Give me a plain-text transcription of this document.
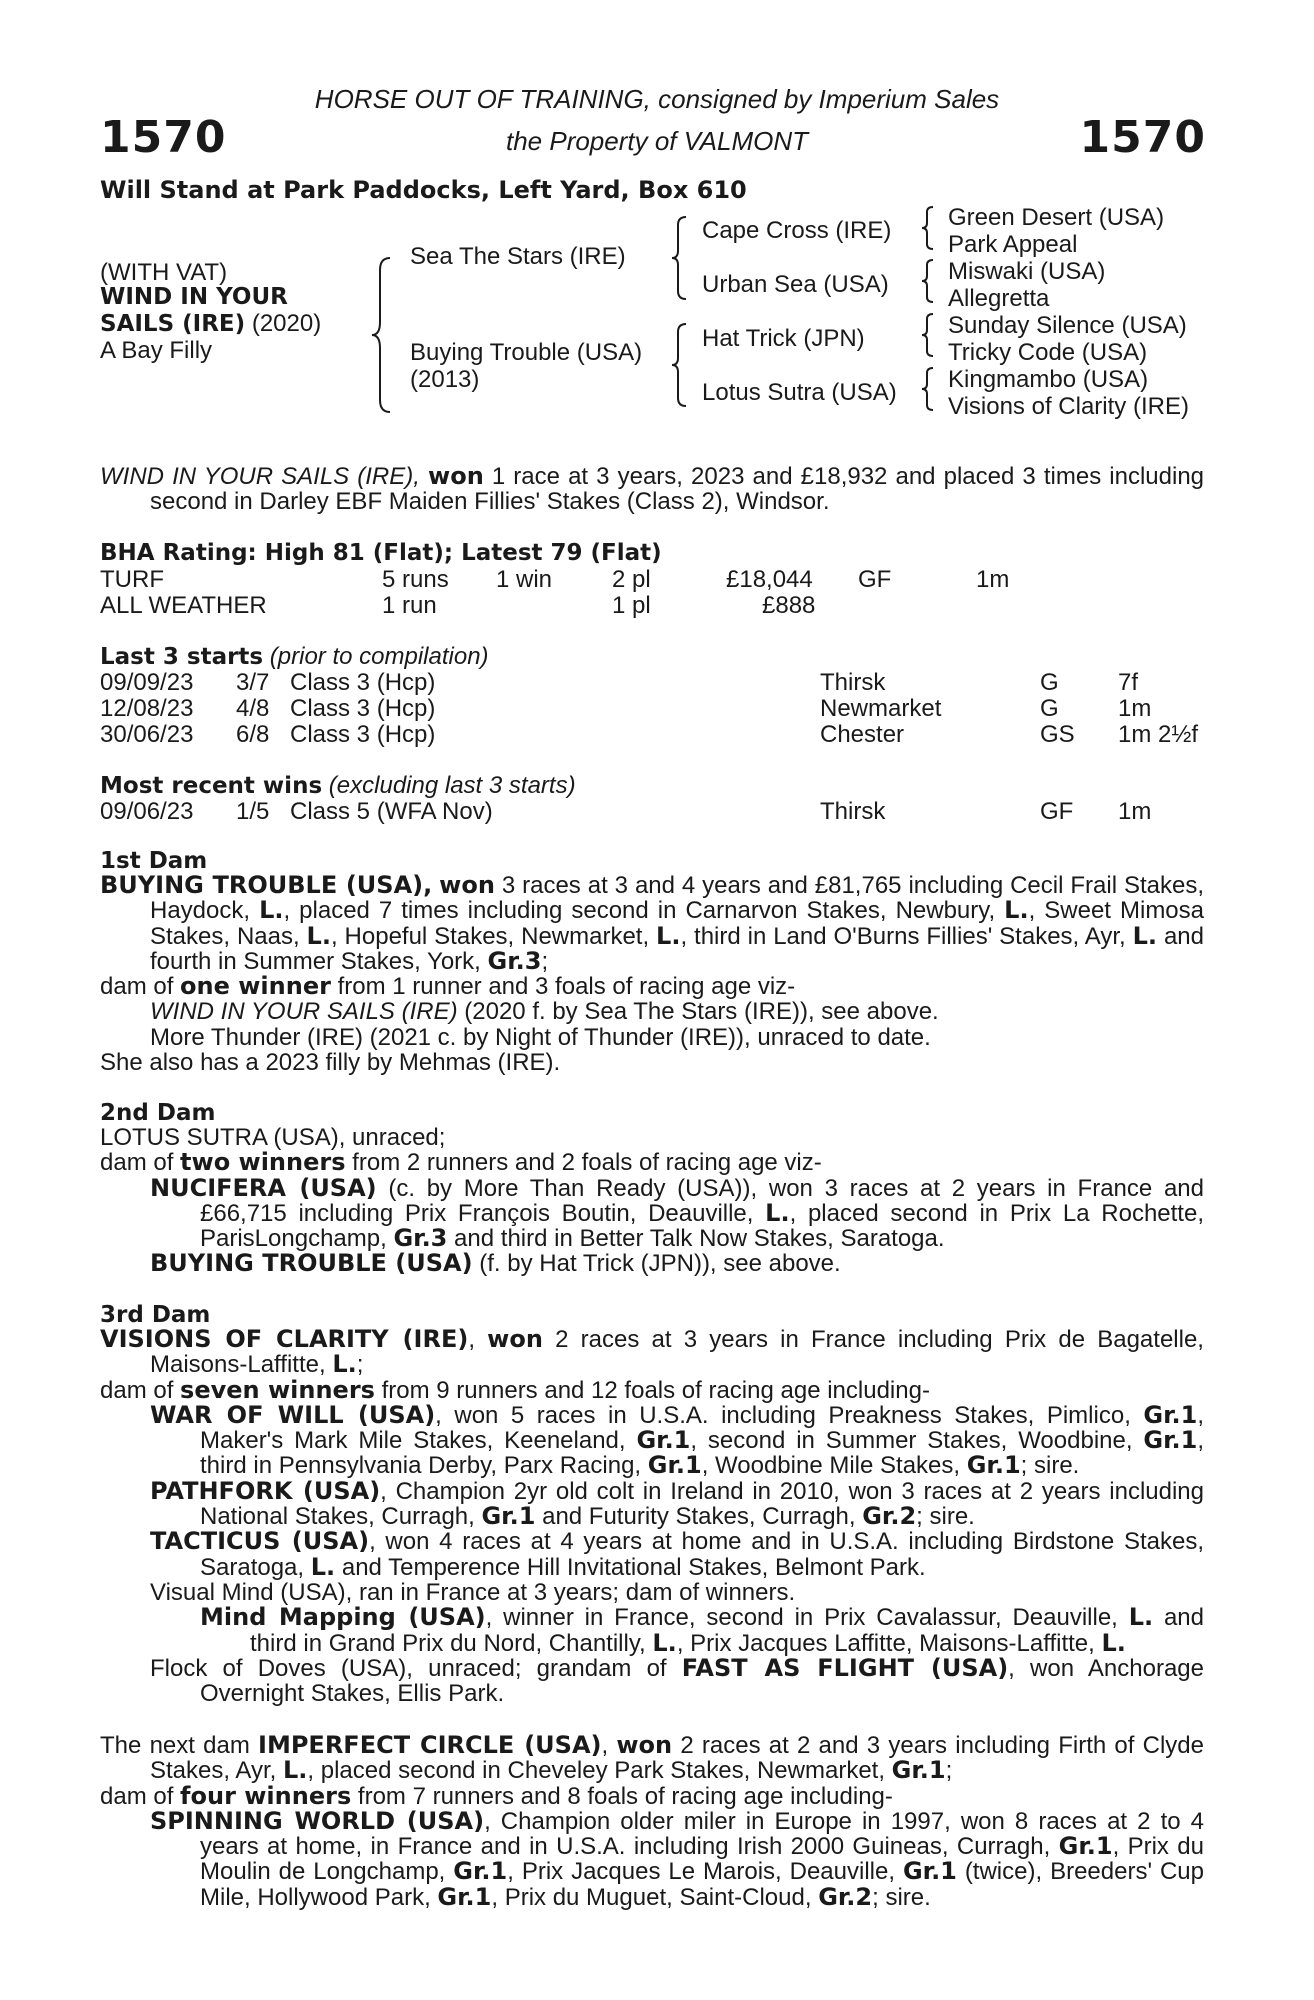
1570	1570
HORSE OUT OF TRAINING, consigned by Imperium Sales
the Property of VALMONT
Will Stand at Park Paddocks, Left Yard, Box 610
(WITH VAT)
WIND IN YOUR
SAILS (IRE) (2020)
A Bay Filly
Sea The Stars (IRE)
Buying Trouble (USA)
(2013)
Cape Cross (IRE)
Urban Sea (USA)
Hat Trick (JPN)
Lotus Sutra (USA)
Green Desert (USA)
Park Appeal
Miswaki (USA)
Allegretta
Sunday Silence (USA)
Tricky Code (USA)
Kingmambo (USA)
Visions of Clarity (IRE)
WIND IN YOUR SAILS (IRE), won 1 race at 3 years, 2023 and £18,932 and placed 3 times including second in Darley EBF Maiden Fillies' Stakes (Class 2), Windsor.
BHA Rating: High 81 (Flat); Latest 79 (Flat)
TURF	5 runs 1 win 2 pl	£18,044 GF	1m
ALL WEATHER	1 run	1 pl	£888
Last 3 starts (prior to compilation)
09/09/23 3/7 Class 3 (Hcp)	Thirsk	G 7f
12/08/23 4/8 Class 3 (Hcp)	Newmarket	G 1m
30/06/23 6/8 Class 3 (Hcp)	Chester	GS 1m 2½f
Most recent wins (excluding last 3 starts)
09/06/23 1/5 Class 5 (WFA Nov)	Thirsk	GF 1m
1st Dam
BUYING TROUBLE (USA), won 3 races at 3 and 4 years and £81,765 including Cecil Frail Stakes, Haydock, L., placed 7 times including second in Carnarvon Stakes, Newbury, L., Sweet Mimosa Stakes, Naas, L., Hopeful Stakes, Newmarket, L., third in Land O'Burns Fillies' Stakes, Ayr, L. and fourth in Summer Stakes, York, Gr.3;
dam of one winner from 1 runner and 3 foals of racing age viz-
WIND IN YOUR SAILS (IRE) (2020 f. by Sea The Stars (IRE)), see above.
More Thunder (IRE) (2021 c. by Night of Thunder (IRE)), unraced to date.
She also has a 2023 filly by Mehmas (IRE).
2nd Dam
LOTUS SUTRA (USA), unraced;
dam of two winners from 2 runners and 2 foals of racing age viz-
NUCIFERA (USA) (c. by More Than Ready (USA)), won 3 races at 2 years in France and £66,715 including Prix François Boutin, Deauville, L., placed second in Prix La Rochette, ParisLongchamp, Gr.3 and third in Better Talk Now Stakes, Saratoga.
BUYING TROUBLE (USA) (f. by Hat Trick (JPN)), see above.
3rd Dam
VISIONS OF CLARITY (IRE), won 2 races at 3 years in France including Prix de Bagatelle, Maisons-Laffitte, L.;
dam of seven winners from 9 runners and 12 foals of racing age including-
WAR OF WILL (USA), won 5 races in U.S.A. including Preakness Stakes, Pimlico, Gr.1, Maker's Mark Mile Stakes, Keeneland, Gr.1, second in Summer Stakes, Woodbine, Gr.1, third in Pennsylvania Derby, Parx Racing, Gr.1, Woodbine Mile Stakes, Gr.1; sire.
PATHFORK (USA), Champion 2yr old colt in Ireland in 2010, won 3 races at 2 years including National Stakes, Curragh, Gr.1 and Futurity Stakes, Curragh, Gr.2; sire.
TACTICUS (USA), won 4 races at 4 years at home and in U.S.A. including Birdstone Stakes, Saratoga, L. and Temperence Hill Invitational Stakes, Belmont Park.
Visual Mind (USA), ran in France at 3 years; dam of winners.
Mind Mapping (USA), winner in France, second in Prix Cavalassur, Deauville, L. and third in Grand Prix du Nord, Chantilly, L., Prix Jacques Laffitte, Maisons-Laffitte, L.
Flock of Doves (USA), unraced; grandam of FAST AS FLIGHT (USA), won Anchorage Overnight Stakes, Ellis Park.
The next dam IMPERFECT CIRCLE (USA), won 2 races at 2 and 3 years including Firth of Clyde Stakes, Ayr, L., placed second in Cheveley Park Stakes, Newmarket, Gr.1;
dam of four winners from 7 runners and 8 foals of racing age including-
SPINNING WORLD (USA), Champion older miler in Europe in 1997, won 8 races at 2 to 4 years at home, in France and in U.S.A. including Irish 2000 Guineas, Curragh, Gr.1, Prix du Moulin de Longchamp, Gr.1, Prix Jacques Le Marois, Deauville, Gr.1 (twice), Breeders' Cup Mile, Hollywood Park, Gr.1, Prix du Muguet, Saint-Cloud, Gr.2; sire.
